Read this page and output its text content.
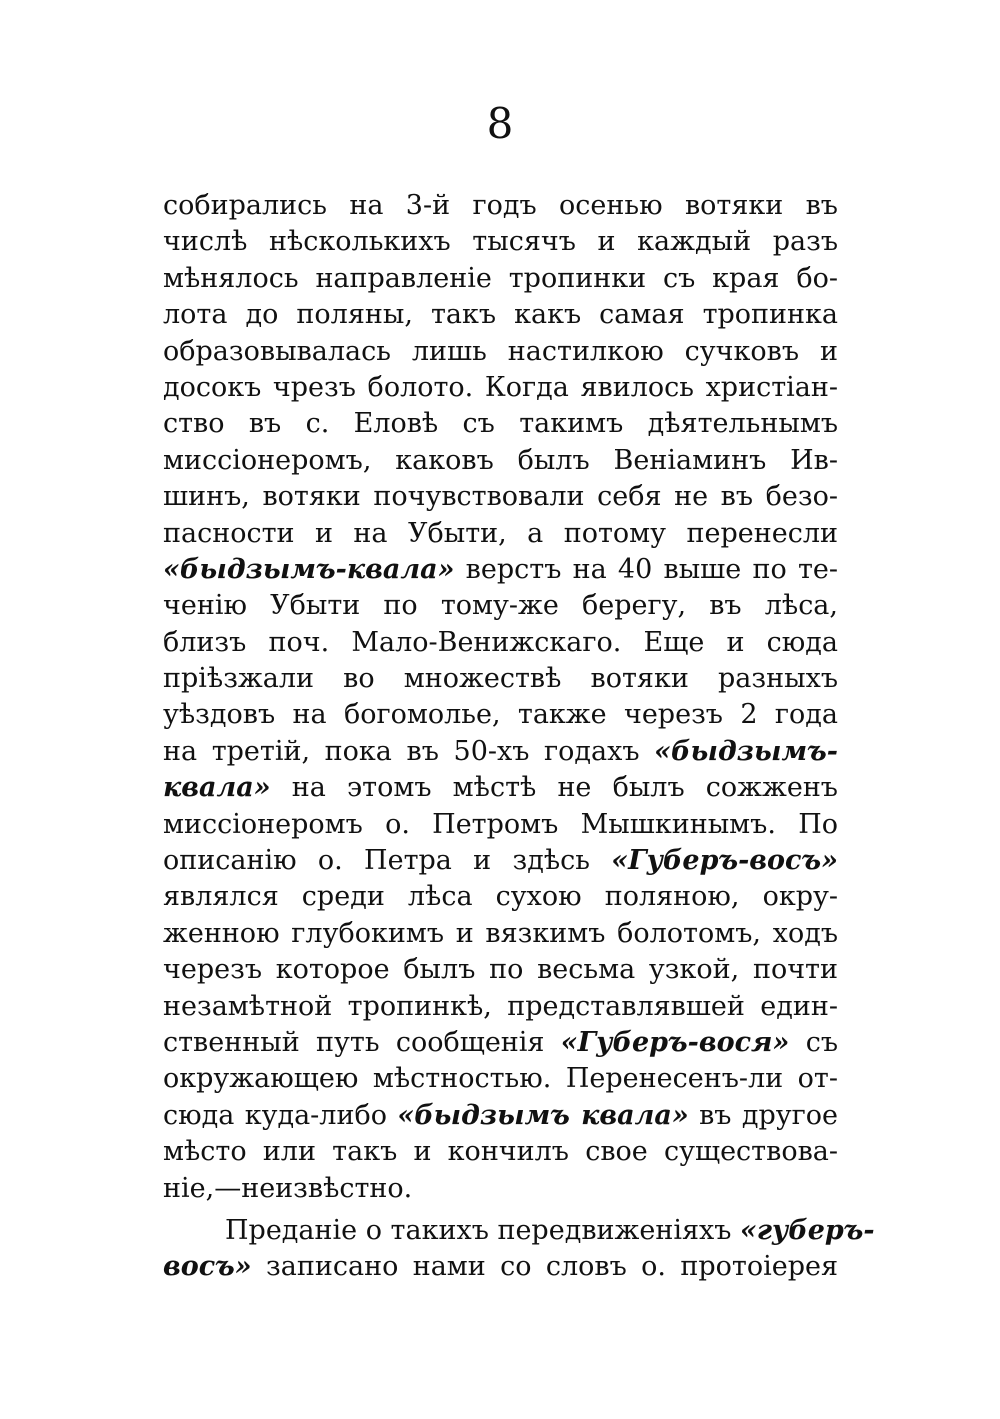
8
собирались на 3-й годъ осенью вотяки въ
числѣ нѣсколькихъ тысячъ и каждый разъ
мѣнялось направленіе тропинки съ края бо-
лота до поляны, такъ какъ самая тропинка
образовывалась лишь настилкою сучковъ и
досокъ чрезъ болото. Когда явилось христіан-
ство въ с. Еловѣ съ такимъ дѣятельнымъ
миссіонеромъ, каковъ былъ Веніаминъ Ив-
шинъ, вотяки почувствовали себя не въ безо-
пасности и на Убыти, а потому перенесли
«быдзымъ-квала» верстъ на 40 выше по те-
ченію Убыти по тому-же берегу, въ лѣса,
близъ поч. Мало-Венижскаго. Еще и сюда
пріѣзжали во множествѣ вотяки разныхъ
уѣздовъ на богомолье, также черезъ 2 года
на третій, пока въ 50-хъ годахъ «быдзымъ-
квала» на этомъ мѣстѣ не былъ сожженъ
миссіонеромъ о. Петромъ Мышкинымъ. По
описанію о. Петра и здѣсь «Губеръ-восъ»
являлся среди лѣса сухою поляною, окру-
женною глубокимъ и вязкимъ болотомъ, ходъ
черезъ которое былъ по весьма узкой, почти
незамѣтной тропинкѣ, представлявшей един-
ственный путь сообщенія «Губеръ-вося» съ
окружающею мѣстностью. Перенесенъ-ли от-
сюда куда-либо «быдзымъ квала» въ другое
мѣсто или такъ и кончилъ свое существова-
ніе,—неизвѣстно.
Преданіе о такихъ передвиженіяхъ «губеръ-
восъ» записано нами со словъ о. протоіерея
